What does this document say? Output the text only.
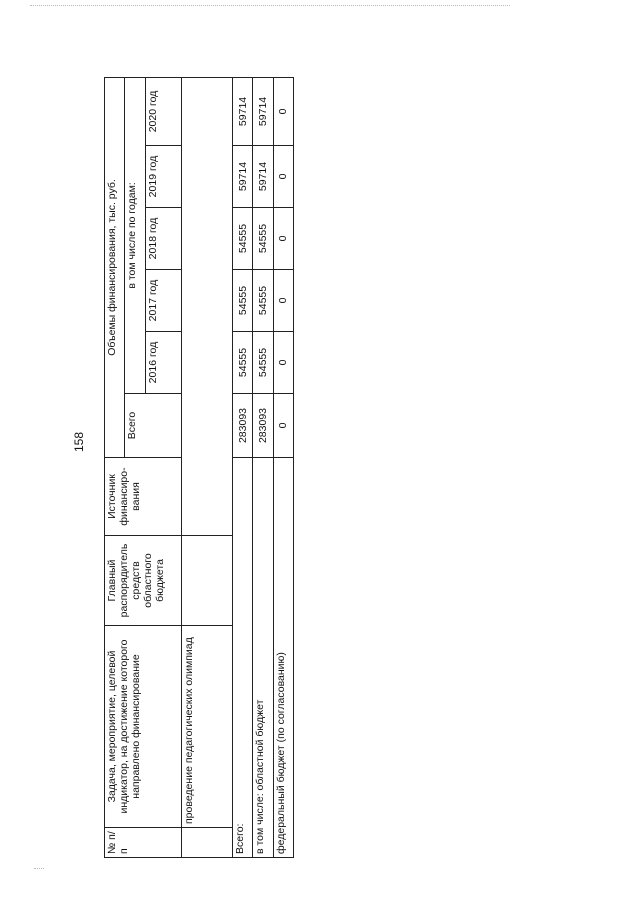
158
№ п/п	Задача, мероприятие, целевой индикатор, на достижение которого направлено финансирование	Главный распорядитель средств областного бюджета	Источник финансиро-вания	Объемы финансирования, тыс. руб.					
				Всего	в том числе по годам:				
					2016 год	2017 год	2018 год	2019 год	2020 год
	проведение педагогических олимпиад								
Всего:				283093	54555	54555	54555	59714	59714
в том числе: областной бюджет				283093	54555	54555	54555	59714	59714
федеральный бюджет (по согласованию)				0	0	0	0	0	0
